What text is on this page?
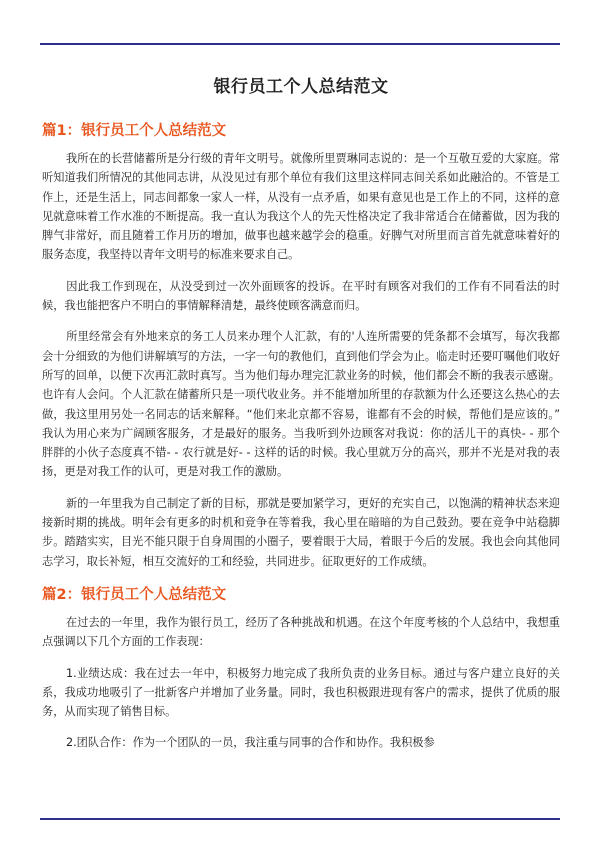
银行员工个人总结范文
篇1：银行员工个人总结范文

我所在的长营储蓄所是分行级的青年文明号。就像所里贾琳同志说的：是一个互敬互爱的大家庭。常听知道我们所情况的其他同志讲，从没见过有那个单位有我们这里这样同志间关系如此融洽的。不管是工作上，还是生活上，同志间都象一家人一样，从没有一点矛盾，如果有意见也是工作上的不同，这样的意见就意味着工作水准的不断提高。我一直认为我这个人的先天性格决定了我非常适合在储蓄做，因为我的脾气非常好，而且随着工作月历的增加，做事也越来越学会的稳重。好脾气对所里而言首先就意味着好的服务态度，我坚持以青年文明号的标准来要求自己。

因此我工作到现在，从没受到过一次外面顾客的投诉。在平时有顾客对我们的工作有不同看法的时候，我也能把客户不明白的事情解释清楚，最终使顾客满意而归。

所里经常会有外地来京的务工人员来办理个人汇款，有的'人连所需要的凭条都不会填写，每次我都会十分细致的为他们讲解填写的方法，一字一句的教他们，直到他们学会为止。临走时还要叮嘱他们收好所写的回单，以便下次再汇款时真写。当为他们每办理完汇款业务的时候，他们都会不断的我表示感谢。也许有人会问。个人汇款在储蓄所只是一项代收业务。并不能增加所里的存款额为什么还要这么热心的去做，我这里用另处一名同志的话来解释。“他们来北京都不容易，谁都有不会的时候，帮他们是应该的。” 我认为用心来为广阔顾客服务，才是最好的服务。当我听到外边顾客对我说：你的活儿干的真快- - 那个胖胖的小伙子态度真不错- - 农行就是好- - 这样的话的时候。我心里就万分的高兴，那并不光是对我的表扬，更是对我工作的认可，更是对我工作的激励。

新的一年里我为自己制定了新的目标，那就是要加紧学习，更好的充实自己，以饱满的精神状态来迎接新时期的挑战。明年会有更多的时机和竞争在等着我，我心里在暗暗的为自己鼓劲。要在竞争中站稳脚步。踏踏实实，目光不能只限于自身周围的小圈子，要着眼于大局，着眼于今后的发展。我也会向其他同志学习，取长补短，相互交流好的工和经验，共同进步。征取更好的工作成绩。

篇2：银行员工个人总结范文

在过去的一年里，我作为银行员工，经历了各种挑战和机遇。在这个年度考核的个人总结中，我想重点强调以下几个方面的工作表现：

1.业绩达成：我在过去一年中，积极努力地完成了我所负责的业务目标。通过与客户建立良好的关系，我成功地吸引了一批新客户并增加了业务量。同时，我也积极跟进现有客户的需求，提供了优质的服务，从而实现了销售目标。

2.团队合作：作为一个团队的一员，我注重与同事的合作和协作。我积极参
